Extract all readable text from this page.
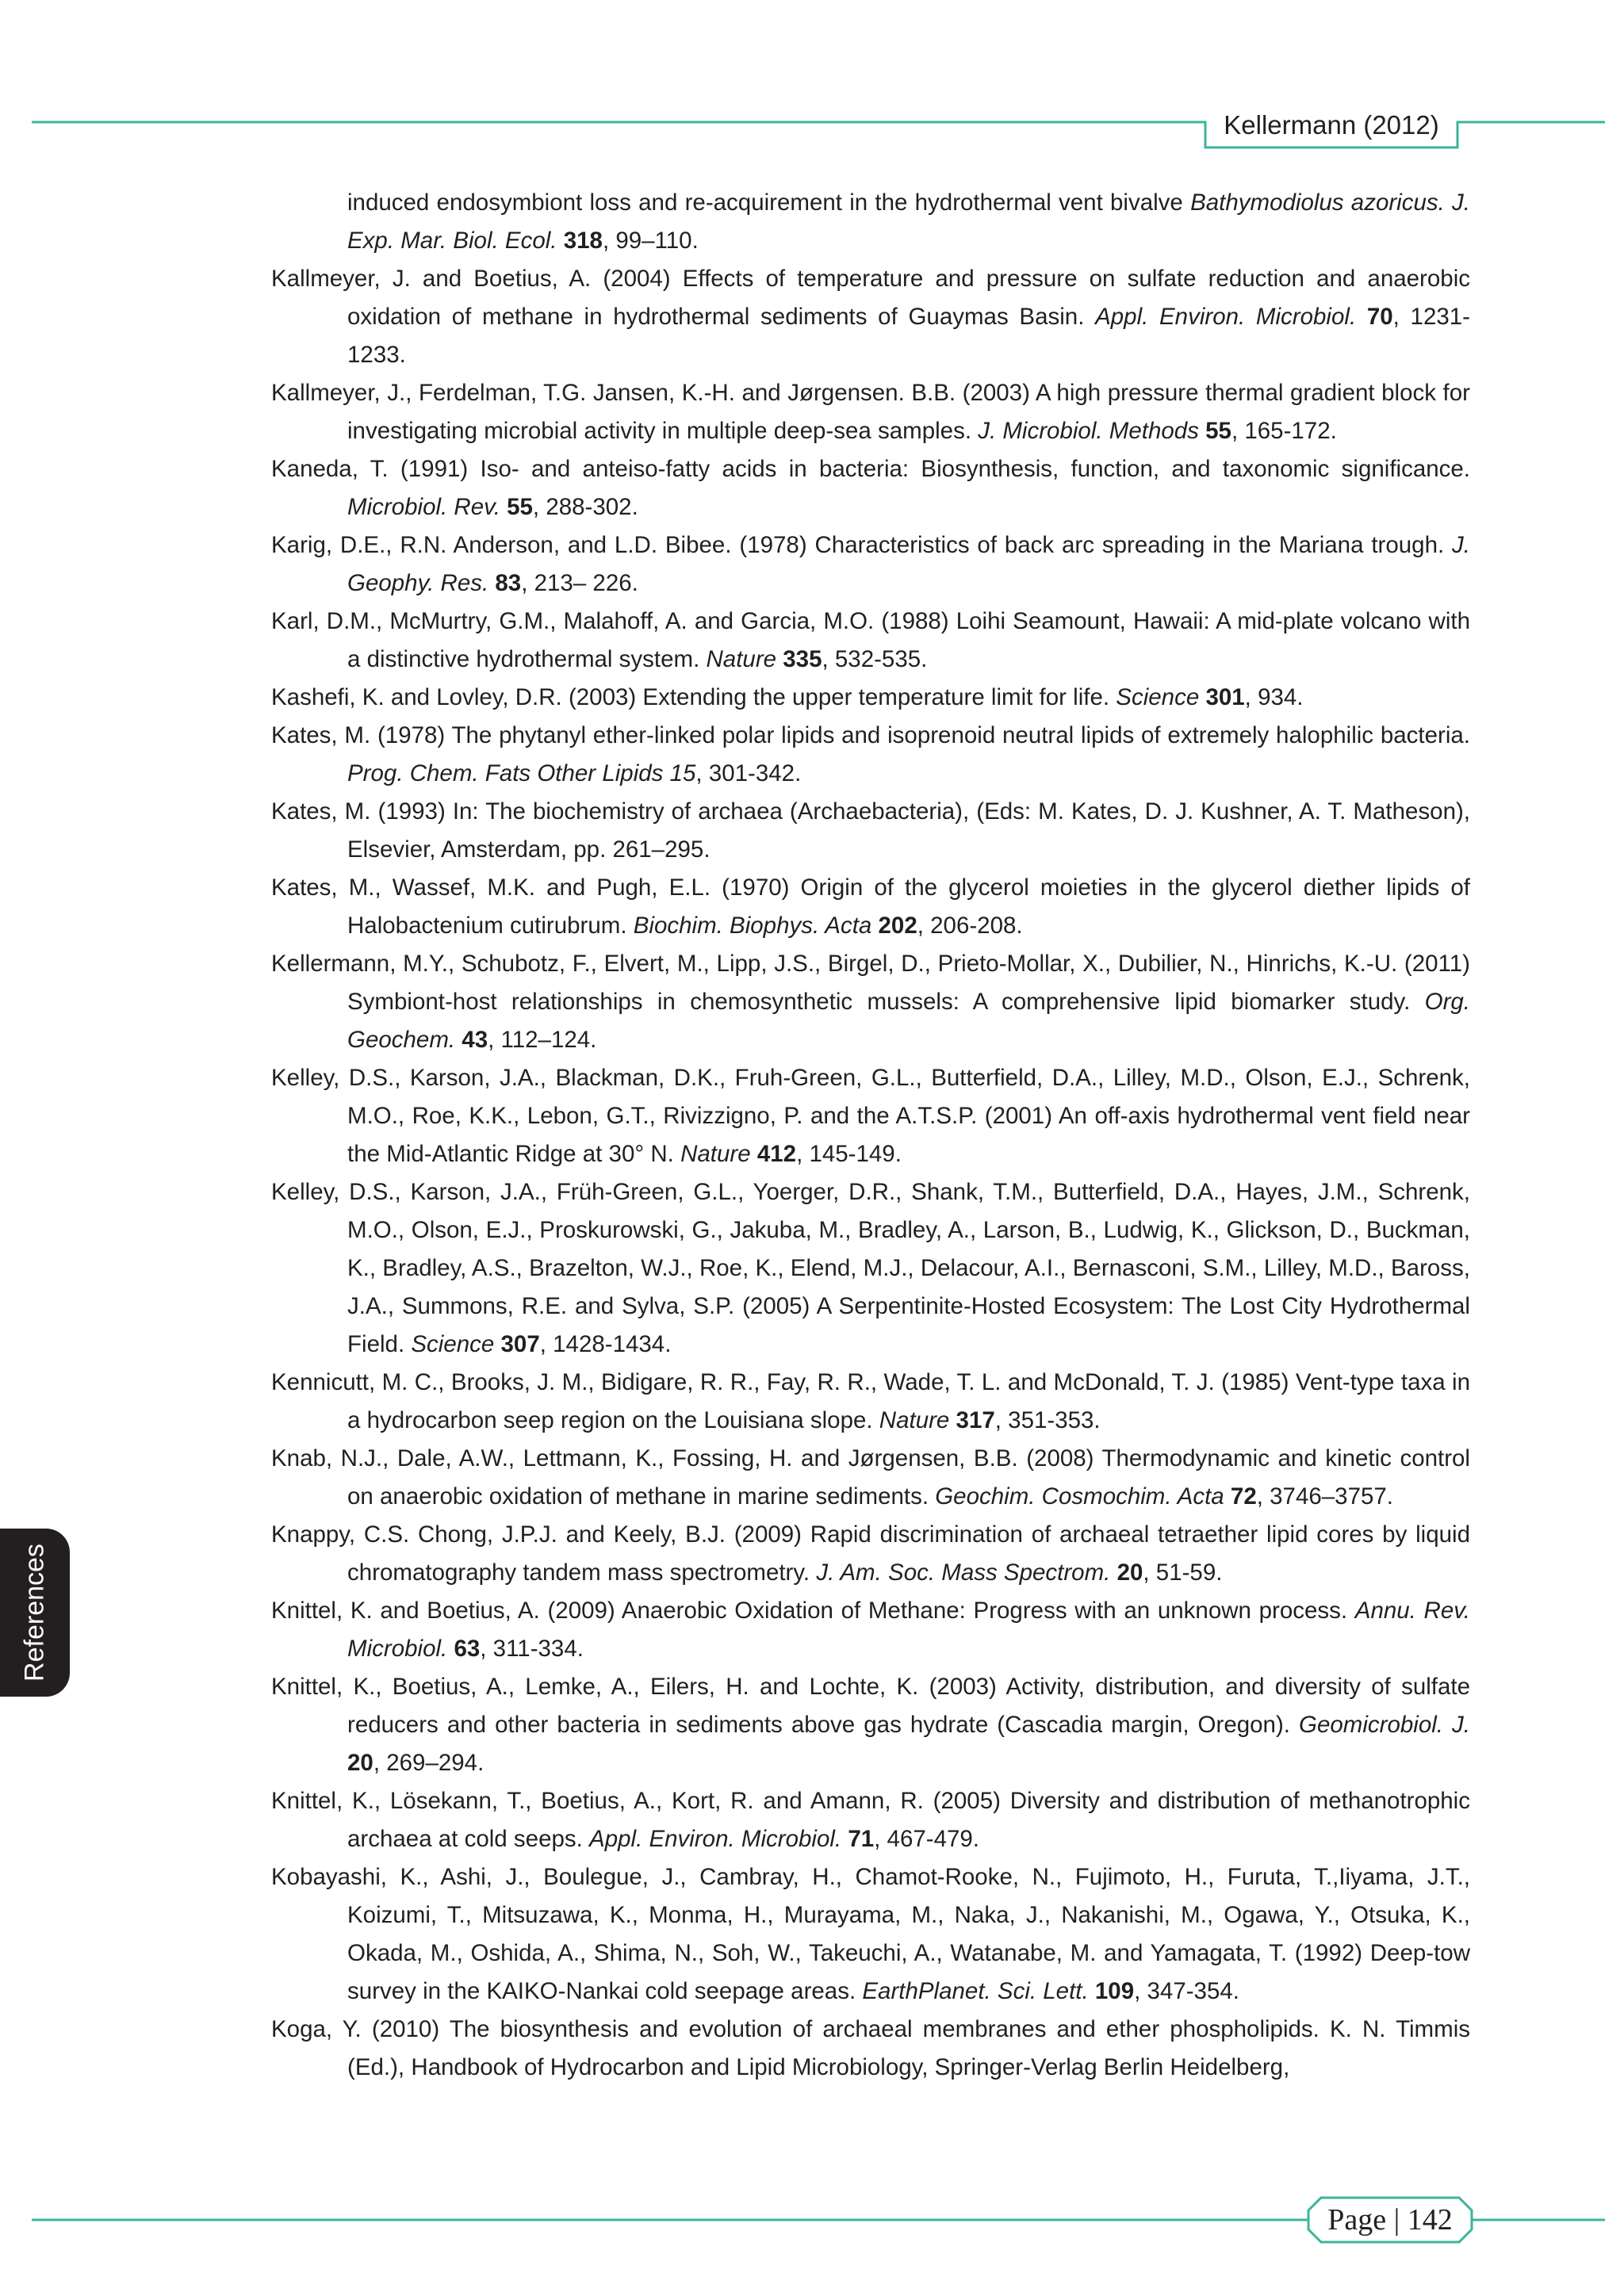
Kellermann (2012)
References
induced endosymbiont loss and re-acquirement in the hydrothermal vent bivalve Bathymodiolus azoricus. J. Exp. Mar. Biol. Ecol. 318, 99–110.
Kallmeyer, J. and Boetius, A. (2004) Effects of temperature and pressure on sulfate reduction and anaerobic oxidation of methane in hydrothermal sediments of Guaymas Basin. Appl. Environ. Microbiol. 70, 1231-1233.
Kallmeyer, J., Ferdelman, T.G. Jansen, K.-H. and Jørgensen. B.B. (2003) A high pressure thermal gradient block for investigating microbial activity in multiple deep-sea samples. J. Microbiol. Methods 55, 165-172.
Kaneda, T. (1991) Iso- and anteiso-fatty acids in bacteria: Biosynthesis, function, and taxonomic significance. Microbiol. Rev. 55, 288-302.
Karig, D.E., R.N. Anderson, and L.D. Bibee. (1978) Characteristics of back arc spreading in the Mariana trough. J. Geophy. Res. 83, 213– 226.
Karl, D.M., McMurtry, G.M., Malahoff, A. and Garcia, M.O. (1988) Loihi Seamount, Hawaii: A mid-plate volcano with a distinctive hydrothermal system. Nature 335, 532-535.
Kashefi, K. and Lovley, D.R. (2003) Extending the upper temperature limit for life. Science 301, 934.
Kates, M. (1978) The phytanyl ether-linked polar lipids and isoprenoid neutral lipids of extremely halophilic bacteria. Prog. Chem. Fats Other Lipids 15, 301-342.
Kates, M. (1993) In: The biochemistry of archaea (Archaebacteria), (Eds: M. Kates, D. J. Kushner, A. T. Matheson), Elsevier, Amsterdam, pp. 261–295.
Kates, M., Wassef, M.K. and Pugh, E.L. (1970) Origin of the glycerol moieties in the glycerol diether lipids of Halobactenium cutirubrum. Biochim. Biophys. Acta 202, 206-208.
Kellermann, M.Y., Schubotz, F., Elvert, M., Lipp, J.S., Birgel, D., Prieto-Mollar, X., Dubilier, N., Hinrichs, K.-U. (2011) Symbiont-host relationships in chemosynthetic mussels: A comprehensive lipid biomarker study. Org. Geochem. 43, 112–124.
Kelley, D.S., Karson, J.A., Blackman, D.K., Fruh-Green, G.L., Butterfield, D.A., Lilley, M.D., Olson, E.J., Schrenk, M.O., Roe, K.K., Lebon, G.T., Rivizzigno, P. and the A.T.S.P. (2001) An off-axis hydrothermal vent field near the Mid-Atlantic Ridge at 30° N. Nature 412, 145-149.
Kelley, D.S., Karson, J.A., Früh-Green, G.L., Yoerger, D.R., Shank, T.M., Butterfield, D.A., Hayes, J.M., Schrenk, M.O., Olson, E.J., Proskurowski, G., Jakuba, M., Bradley, A., Larson, B., Ludwig, K., Glickson, D., Buckman, K., Bradley, A.S., Brazelton, W.J., Roe, K., Elend, M.J., Delacour, A.I., Bernasconi, S.M., Lilley, M.D., Baross, J.A., Summons, R.E. and Sylva, S.P. (2005) A Serpentinite-Hosted Ecosystem: The Lost City Hydrothermal Field. Science 307, 1428-1434.
Kennicutt, M. C., Brooks, J. M., Bidigare, R. R., Fay, R. R., Wade, T. L. and McDonald, T. J. (1985) Vent-type taxa in a hydrocarbon seep region on the Louisiana slope. Nature 317, 351-353.
Knab, N.J., Dale, A.W., Lettmann, K., Fossing, H. and Jørgensen, B.B. (2008) Thermodynamic and kinetic control on anaerobic oxidation of methane in marine sediments. Geochim. Cosmochim. Acta 72, 3746–3757.
Knappy, C.S. Chong, J.P.J. and Keely, B.J. (2009) Rapid discrimination of archaeal tetraether lipid cores by liquid chromatography tandem mass spectrometry. J. Am. Soc. Mass Spectrom. 20, 51-59.
Knittel, K. and Boetius, A. (2009) Anaerobic Oxidation of Methane: Progress with an unknown process. Annu. Rev. Microbiol. 63, 311-334.
Knittel, K., Boetius, A., Lemke, A., Eilers, H. and Lochte, K. (2003) Activity, distribution, and diversity of sulfate reducers and other bacteria in sediments above gas hydrate (Cascadia margin, Oregon). Geomicrobiol. J. 20, 269–294.
Knittel, K., Lösekann, T., Boetius, A., Kort, R. and Amann, R. (2005) Diversity and distribution of methanotrophic archaea at cold seeps. Appl. Environ. Microbiol. 71, 467-479.
Kobayashi, K., Ashi, J., Boulegue, J., Cambray, H., Chamot-Rooke, N., Fujimoto, H., Furuta, T.,Iiyama, J.T., Koizumi, T., Mitsuzawa, K., Monma, H., Murayama, M., Naka, J., Nakanishi, M., Ogawa, Y., Otsuka, K., Okada, M., Oshida, A., Shima, N., Soh, W., Takeuchi, A., Watanabe, M. and Yamagata, T. (1992) Deep-tow survey in the KAIKO-Nankai cold seepage areas. EarthPlanet. Sci. Lett. 109, 347-354.
Koga, Y. (2010) The biosynthesis and evolution of archaeal membranes and ether phospholipids. K. N. Timmis (Ed.), Handbook of Hydrocarbon and Lipid Microbiology, Springer-Verlag Berlin Heidelberg,
Page | 142
